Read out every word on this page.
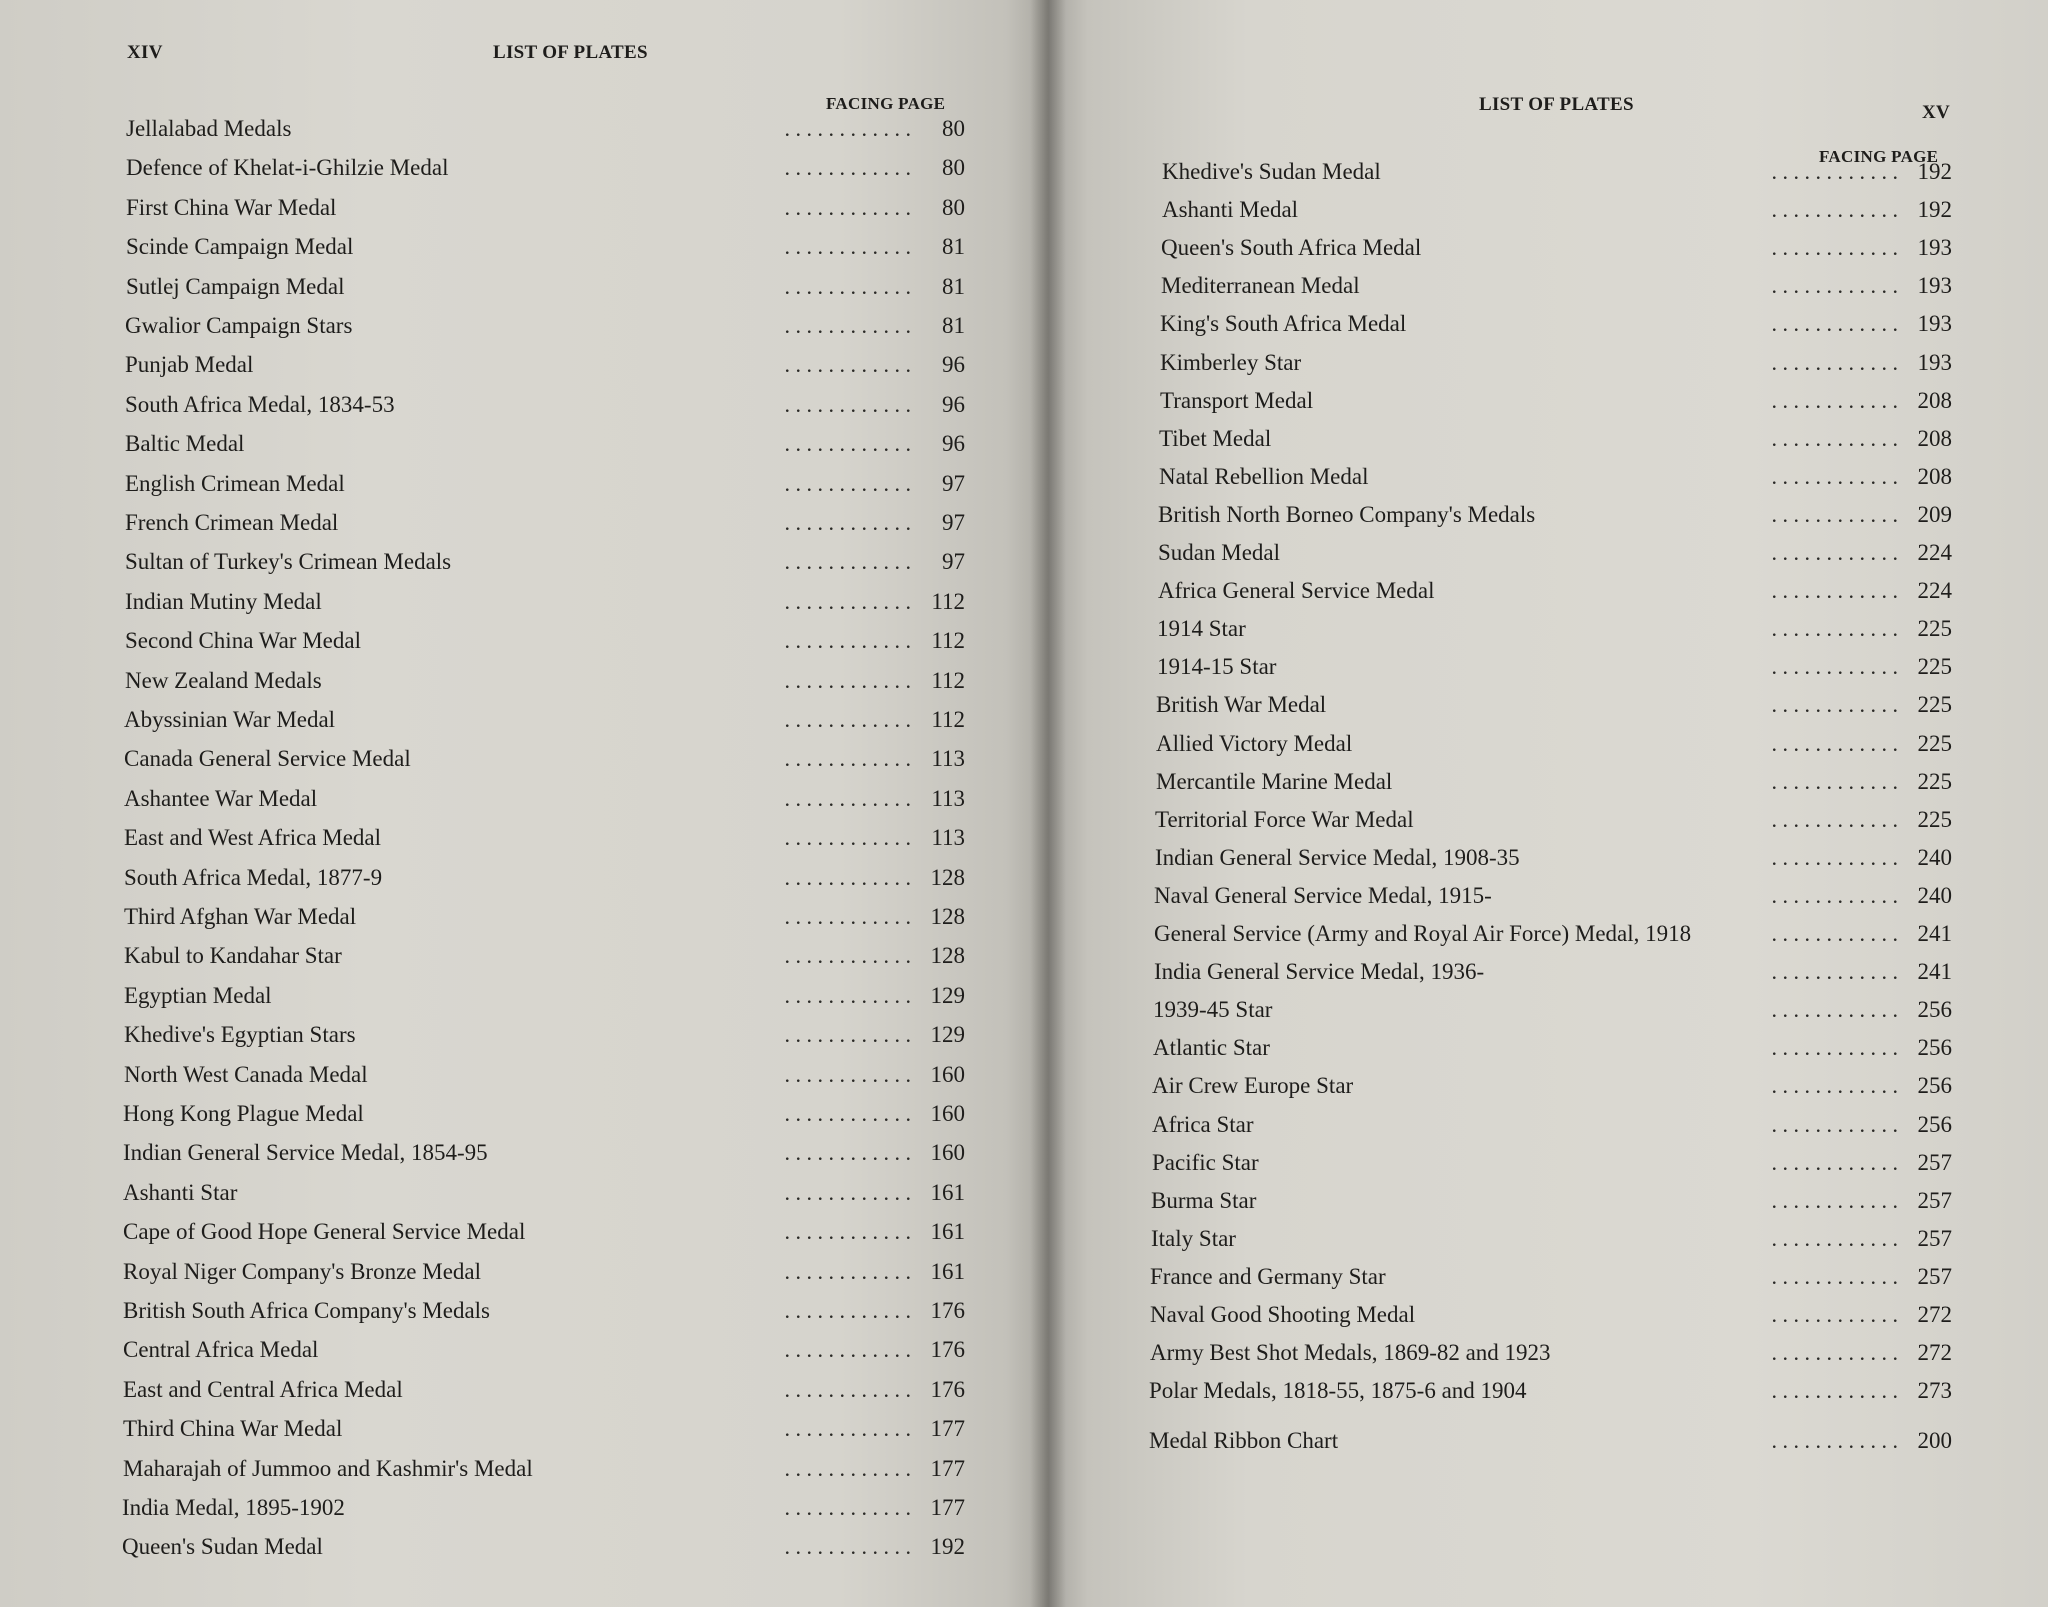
XIV	LIST OF PLATES
FACING PAGE
Jellalabad Medals	. . . . . . . . . . . .	80
Defence of Khelat-i-Ghilzie Medal	. . . . . . . . . . . .	80
First China War Medal	. . . . . . . . . . . .	80
Scinde Campaign Medal	. . . . . . . . . . . .	81
Sutlej Campaign Medal	. . . . . . . . . . . .	81
Gwalior Campaign Stars	. . . . . . . . . . . .	81
Punjab Medal	. . . . . . . . . . . .	96
South Africa Medal, 1834-53	. . . . . . . . . . . .	96
Baltic Medal	. . . . . . . . . . . .	96
English Crimean Medal	. . . . . . . . . . . .	97
French Crimean Medal	. . . . . . . . . . . .	97
Sultan of Turkey's Crimean Medals	. . . . . . . . . . . .	97
Indian Mutiny Medal	. . . . . . . . . . . . 112
Second China War Medal	. . . . . . . . . . . . 112
New Zealand Medals	. . . . . . . . . . . . 112
Abyssinian War Medal	. . . . . . . . . . . . 112
Canada General Service Medal	. . . . . . . . . . . . 113
Ashantee War Medal	. . . . . . . . . . . . 113
East and West Africa Medal	. . . . . . . . . . . . 113
South Africa Medal, 1877-9	. . . . . . . . . . . . 128
Third Afghan War Medal	. . . . . . . . . . . . 128
Kabul to Kandahar Star	. . . . . . . . . . . . 128
Egyptian Medal	. . . . . . . . . . . . 129
Khedive's Egyptian Stars	. . . . . . . . . . . . 129
North West Canada Medal	. . . . . . . . . . . . 160
Hong Kong Plague Medal	. . . . . . . . . . . . 160
Indian General Service Medal, 1854-95	. . . . . . . . . . . . 160
Ashanti Star	. . . . . . . . . . . . 161
Cape of Good Hope General Service Medal	. . . . . . . . . . . . 161
Royal Niger Company's Bronze Medal	. . . . . . . . . . . . 161
British South Africa Company's Medals	. . . . . . . . . . . . 176
Central Africa Medal	. . . . . . . . . . . . 176
East and Central Africa Medal	. . . . . . . . . . . . 176
Third China War Medal	. . . . . . . . . . . . 177
Maharajah of Jummoo and Kashmir's Medal	. . . . . . . . . . . . 177
India Medal, 1895-1902	. . . . . . . . . . . . 177
Queen's Sudan Medal	. . . . . . . . . . . . 192
LIST OF PLATES	XV
FACING PAGE
Khedive's Sudan Medal	. . . . . . . . . . . . 192
Ashanti Medal	. . . . . . . . . . . . 192
Queen's South Africa Medal	. . . . . . . . . . . . 193
Mediterranean Medal	. . . . . . . . . . . . 193
King's South Africa Medal	. . . . . . . . . . . . 193
Kimberley Star	. . . . . . . . . . . . 193
Transport Medal	. . . . . . . . . . . . 208
Tibet Medal	. . . . . . . . . . . . 208
Natal Rebellion Medal	. . . . . . . . . . . . 208
British North Borneo Company's Medals	. . . . . . . . . . . . 209
Sudan Medal	. . . . . . . . . . . . 224
Africa General Service Medal	. . . . . . . . . . . . 224
1914 Star	. . . . . . . . . . . . 225
1914-15 Star	. . . . . . . . . . . . 225
British War Medal	. . . . . . . . . . . . 225
Allied Victory Medal	. . . . . . . . . . . . 225
Mercantile Marine Medal	. . . . . . . . . . . . 225
Territorial Force War Medal	. . . . . . . . . . . . 225
Indian General Service Medal, 1908-35	. . . . . . . . . . . . 240
Naval General Service Medal, 1915-	. . . . . . . . . . . . 240
General Service (Army and Royal Air Force) Medal, 1918	. . . . . . . . . . . . 241
India General Service Medal, 1936-	. . . . . . . . . . . . 241
1939-45 Star	. . . . . . . . . . . . 256
Atlantic Star	. . . . . . . . . . . . 256
Air Crew Europe Star	. . . . . . . . . . . . 256
Africa Star	. . . . . . . . . . . . 256
Pacific Star	. . . . . . . . . . . . 257
Burma Star	. . . . . . . . . . . . 257
Italy Star	. . . . . . . . . . . . 257
France and Germany Star	. . . . . . . . . . . . 257
Naval Good Shooting Medal	. . . . . . . . . . . . 272
Army Best Shot Medals, 1869-82 and 1923	. . . . . . . . . . . . 272
Polar Medals, 1818-55, 1875-6 and 1904	. . . . . . . . . . . . 273
Medal Ribbon Chart	. . . . . . . . . . . . 200
